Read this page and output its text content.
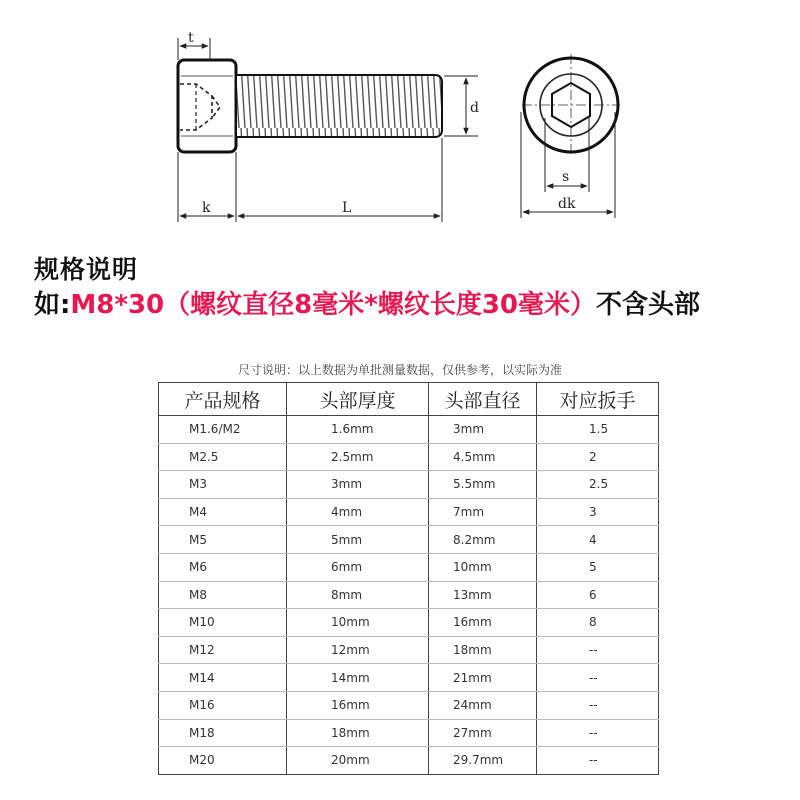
t
d
k	L
s
dk
规格说明
如:M8*30（螺纹直径8毫米*螺纹长度30毫米）不含头部
尺寸说明：以上数据为单批测量数据，仅供参考，以实际为准
产品规格	头部厚度	头部直径	对应扳手
M1.6/M2	1.6mm	3mm	1.5
M2.5	2.5mm	4.5mm	2
M3	3mm	5.5mm	2.5
M4	4mm	7mm	3
M5	5mm	8.2mm	4
M6	6mm	10mm	5
M8	8mm	13mm	6
M10	10mm	16mm	8
M12	12mm	18mm	--
M14	14mm	21mm	--
M16	16mm	24mm	--
M18	18mm	27mm	--
M20	20mm	29.7mm	--
